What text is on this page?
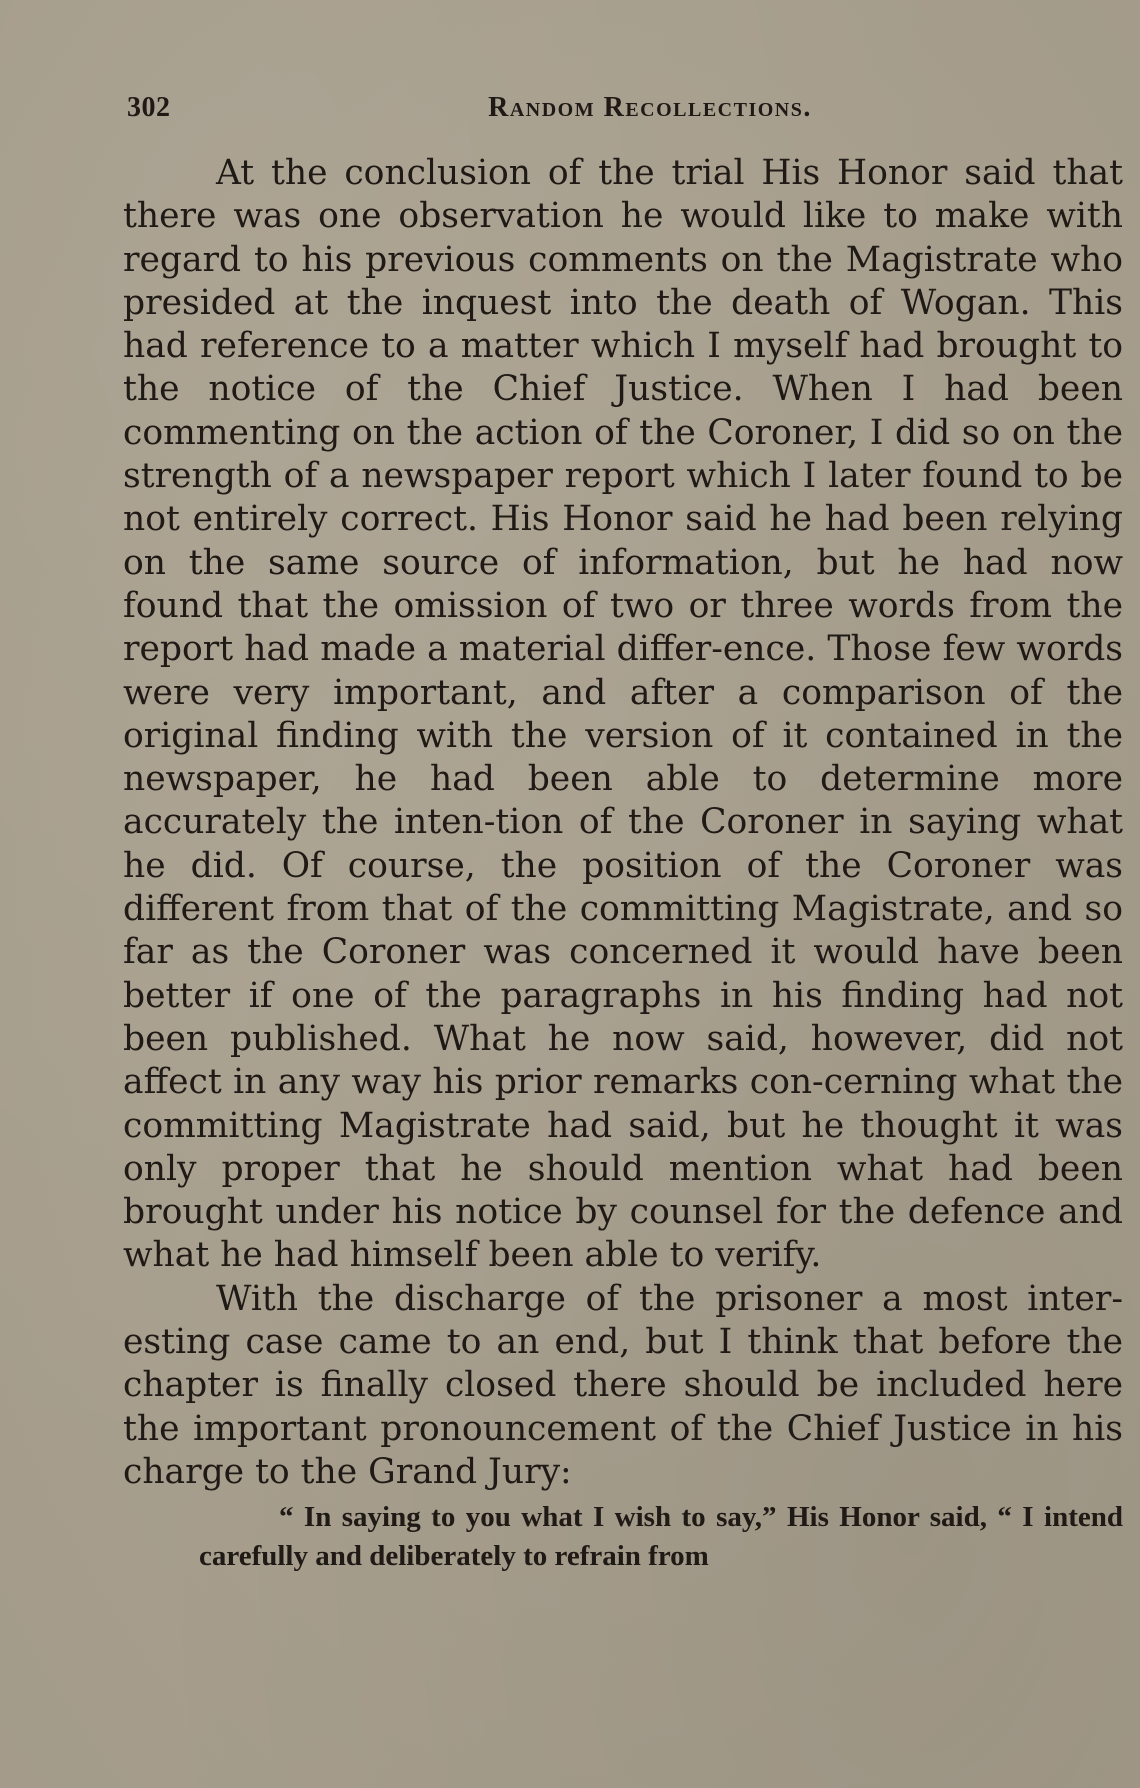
302	Random Recollections.

At the conclusion of the trial His Honor said that there was one observation he would like to make with regard to his previous comments on the Magistrate who presided at the inquest into the death of Wogan. This had reference to a matter which I myself had brought to the notice of the Chief Justice. When I had been commenting on the action of the Coroner, I did so on the strength of a newspaper report which I later found to be not entirely correct. His Honor said he had been relying on the same source of information, but he had now found that the omission of two or three words from the report had made a material differ-ence. Those few words were very important, and after a comparison of the original finding with the version of it contained in the newspaper, he had been able to determine more accurately the inten-tion of the Coroner in saying what he did. Of course, the position of the Coroner was different from that of the committing Magistrate, and so far as the Coroner was concerned it would have been better if one of the paragraphs in his finding had not been published. What he now said, however, did not affect in any way his prior remarks con-cerning what the committing Magistrate had said, but he thought it was only proper that he should mention what had been brought under his notice by counsel for the defence and what he had himself been able to verify.

With the discharge of the prisoner a most inter-esting case came to an end, but I think that before the chapter is finally closed there should be included here the important pronouncement of the Chief Justice in his charge to the Grand Jury:

“ In saying to you what I wish to say,” His Honor said, “ I intend carefully and deliberately to refrain from
